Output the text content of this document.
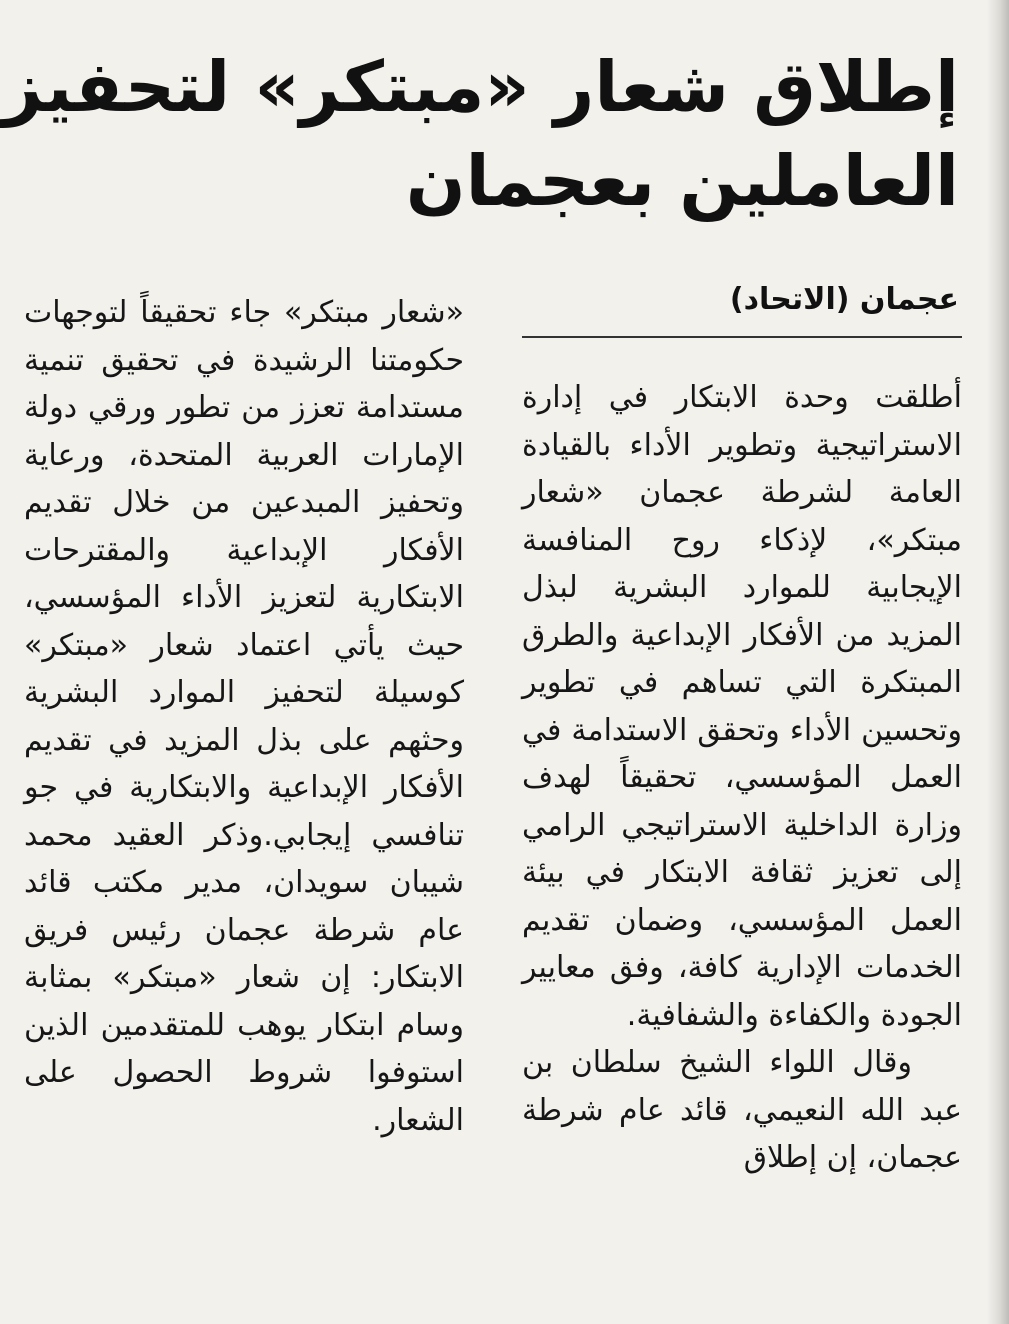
إطلاق شعار «مبتكر» لتحفيز
العاملين بعجمان
عجمان (الاتحاد)

أطلقت وحدة الابتكار في إدارة الاستراتيجية وتطوير الأداء بالقيادة العامة لشرطة عجمان «شعار مبتكر»، لإذكاء روح المنافسة الإيجابية للموارد البشرية لبذل المزيد من الأفكار الإبداعية والطرق المبتكرة التي تساهم في تطوير وتحسين الأداء وتحقق الاستدامة في العمل المؤسسي، تحقيقاً لهدف وزارة الداخلية الاستراتيجي الرامي إلى تعزيز ثقافة الابتكار في بيئة العمل المؤسسي، وضمان تقديم الخدمات الإدارية كافة، وفق معايير الجودة والكفاءة والشفافية.

وقال اللواء الشيخ سلطان بن عبد الله النعيمي، قائد عام شرطة عجمان، إن إطلاق

«شعار مبتكر» جاء تحقيقاً لتوجهات حكومتنا الرشيدة في تحقيق تنمية مستدامة تعزز من تطور ورقي دولة الإمارات العربية المتحدة، ورعاية وتحفيز المبدعين من خلال تقديم الأفكار الإبداعية والمقترحات الابتكارية لتعزيز الأداء المؤسسي، حيث يأتي اعتماد شعار «مبتكر» كوسيلة لتحفيز الموارد البشرية وحثهم على بذل المزيد في تقديم الأفكار الإبداعية والابتكارية في جو تنافسي إيجابي.وذكر العقيد محمد شيبان سويدان، مدير مكتب قائد عام شرطة عجمان رئيس فريق الابتكار: إن شعار «مبتكر» بمثابة وسام ابتكار يوهب للمتقدمين الذين استوفوا شروط الحصول على الشعار.
